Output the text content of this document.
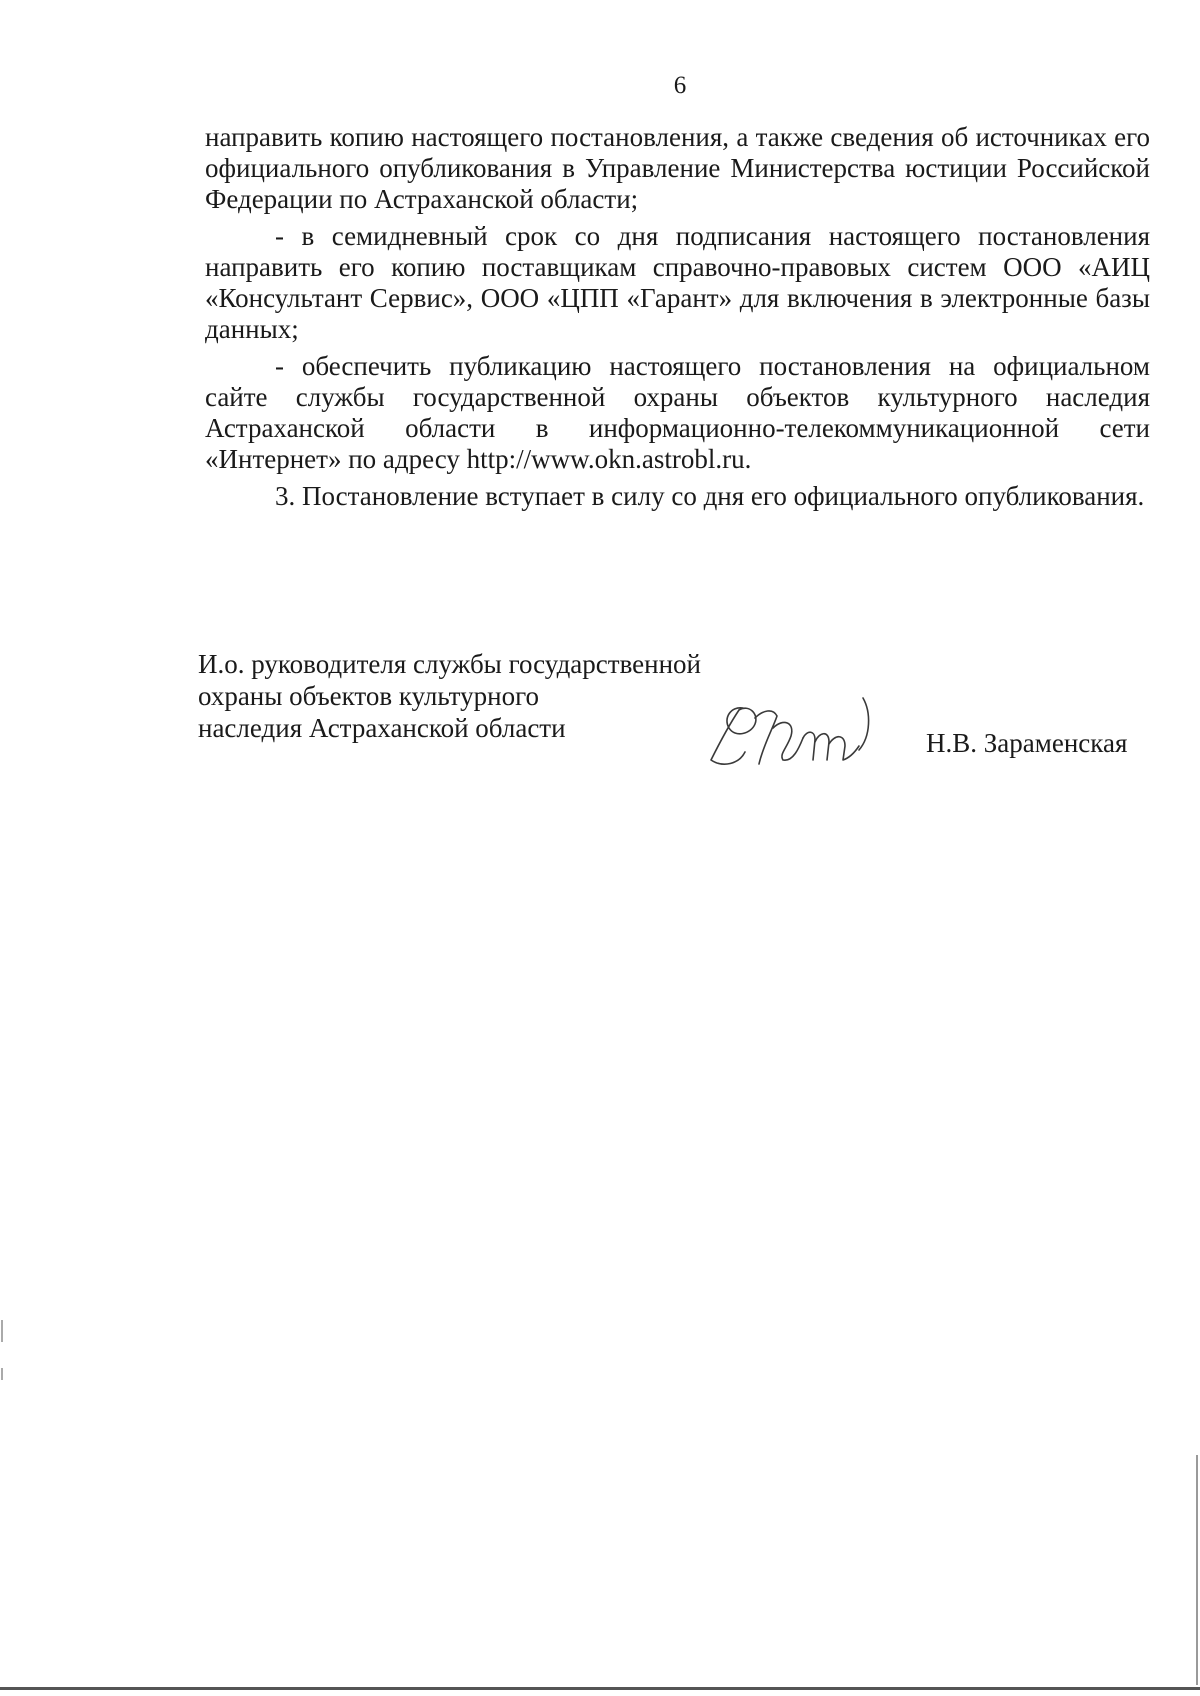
6

направить копию настоящего постановления, а также сведения об источниках его официального опубликования в Управление Министерства юстиции Российской Федерации по Астраханской области;

- в семидневный срок со дня подписания настоящего постановления направить его копию поставщикам справочно-правовых систем ООО «АИЦ «Консультант Сервис», ООО «ЦПП «Гарант» для включения в электронные базы данных;

- обеспечить публикацию настоящего постановления на официальном сайте службы государственной охраны объектов культурного наследия Астраханской области в информационно-телекоммуникационной сети «Интернет» по адресу http://www.okn.astrobl.ru.

3. Постановление вступает в силу со дня его официального опубликования.

И.о. руководителя службы государственной
охраны объектов культурного
наследия Астраханской области	Н.В. Зараменская
